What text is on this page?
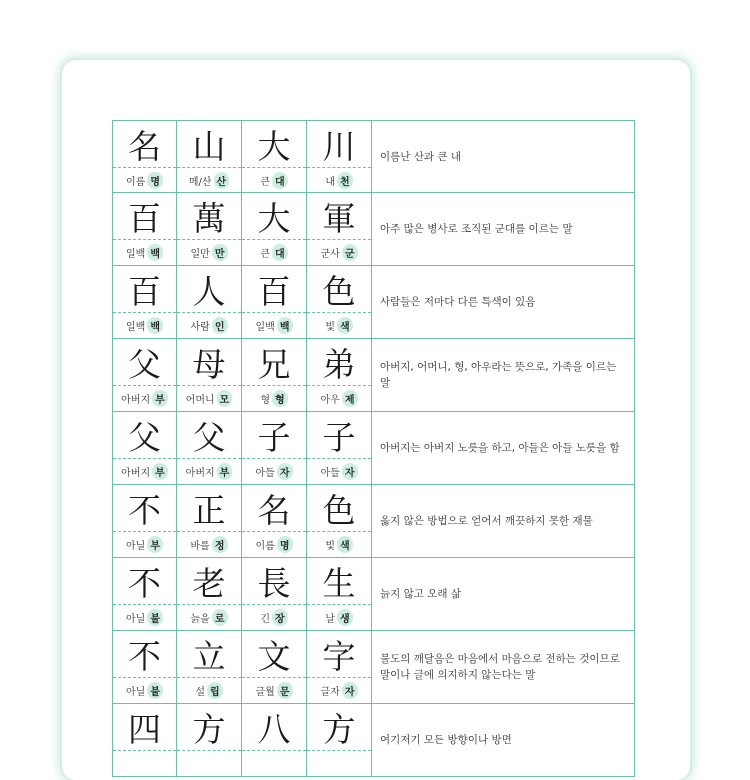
名
이름 명
山
메/산 산
大
큰 대
川
내 천
이름난 산과 큰 내
百
일백 백
萬
일만 만
大
큰 대
軍
군사 군
아주 많은 병사로 조직된 군대를 이르는 말
百
일백 백
人
사람 인
百
일백 백
色
빛 색
사람들은 저마다 다른 특색이 있음
父
아버지 부
母
어머니 모
兄
형 형
弟
아우 제
아버지, 어머니, 형, 아우라는 뜻으로, 가족을 이르는 말
父
아버지 부
父
아버지 부
子
아들 자
子
아들 자
아버지는 아버지 노릇을 하고, 아들은 아들 노릇을 함
不
아닐 부
正
바를 정
名
이름 명
色
빛 색
옳지 않은 방법으로 얻어서 깨끗하지 못한 재물
不
아닐 불
老
늙을 로
長
긴 장
生
날 생
늙지 않고 오래 삶
不
아닐 불
立
설 립
文
글월 문
字
글자 자
불도의 깨달음은 마음에서 마음으로 전하는 것이므로 말이나 글에 의지하지 않는다는 말
四 方 八 方	여기저기 모든 방향이나 방면
